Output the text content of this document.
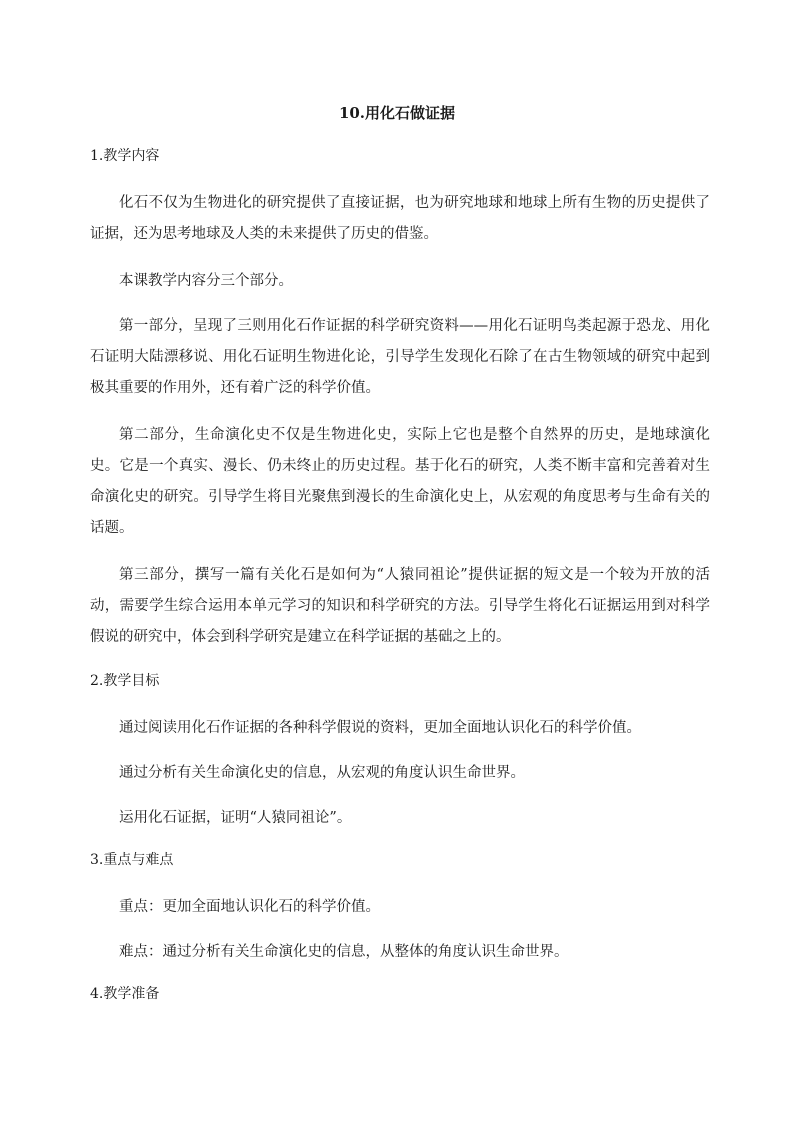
10.用化石做证据
1.教学内容

化石不仅为生物进化的研究提供了直接证据，也为研究地球和地球上所有生物的历史提供了证据，还为思考地球及人类的未来提供了历史的借鉴。

本课教学内容分三个部分。

第一部分，呈现了三则用化石作证据的科学研究资料——用化石证明鸟类起源于恐龙、用化石证明大陆漂移说、用化石证明生物进化论，引导学生发现化石除了在古生物领域的研究中起到极其重要的作用外，还有着广泛的科学价值。

第二部分，生命演化史不仅是生物进化史，实际上它也是整个自然界的历史，是地球演化史。它是一个真实、漫长、仍未终止的历史过程。基于化石的研究，人类不断丰富和完善着对生命演化史的研究。引导学生将目光聚焦到漫长的生命演化史上，从宏观的角度思考与生命有关的话题。

第三部分，撰写一篇有关化石是如何为“人猿同祖论”提供证据的短文是一个较为开放的活动，需要学生综合运用本单元学习的知识和科学研究的方法。引导学生将化石证据运用到对科学假说的研究中，体会到科学研究是建立在科学证据的基础之上的。

2.教学目标

通过阅读用化石作证据的各种科学假说的资料，更加全面地认识化石的科学价值。

通过分析有关生命演化史的信息，从宏观的角度认识生命世界。

运用化石证据，证明“人猿同祖论”。

3.重点与难点

重点：更加全面地认识化石的科学价值。

难点：通过分析有关生命演化史的信息，从整体的角度认识生命世界。

4.教学准备
